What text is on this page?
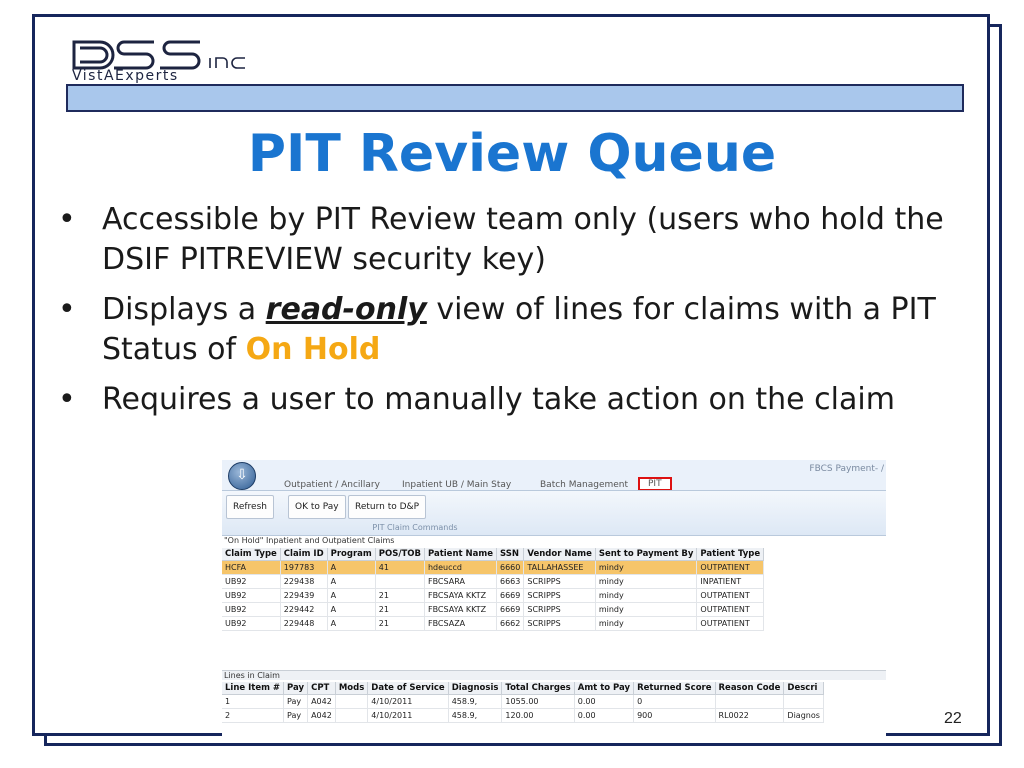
VistAExperts
PIT Review Queue
• Accessible by PIT Review team only (users who hold the DSIF PITREVIEW security key)
• Displays a read-only view of lines for claims with a PIT Status of On Hold
• Requires a user to manually take action on the claim
⇩	FBCS Payment- /
Outpatient / Ancillary Inpatient UB / Main Stay	Batch Management	PIT
Refresh	OK to Pay	Return to D&P
PIT Claim Commands
"On Hold" Inpatient and Outpatient Claims
Claim Type	Claim ID	Program	POS/TOB	Patient Name	SSN	Vendor Name	Sent to Payment By	Patient Type
HCFA	197783	A	41	hdeuccd	6660	TALLAHASSEE	mindy	OUTPATIENT
UB92	229438	A		FBCSARA	6663	SCRIPPS	mindy	INPATIENT
UB92	229439	A	21	FBCSAYA KKTZ	6669	SCRIPPS	mindy	OUTPATIENT
UB92	229442	A	21	FBCSAYA KKTZ	6669	SCRIPPS	mindy	OUTPATIENT
UB92	229448	A	21	FBCSAZA	6662	SCRIPPS	mindy	OUTPATIENT
Lines in Claim
Line Item #	Pay	CPT	Mods	Date of Service	Diagnosis	Total Charges	Amt to Pay	Returned Score	Reason Code	Descri
1	Pay	A042		4/10/2011	458.9,	1055.00	0.00	0		
2	Pay	A042		4/10/2011	458.9,	120.00	0.00	900	RL0022	Diagnos	22
